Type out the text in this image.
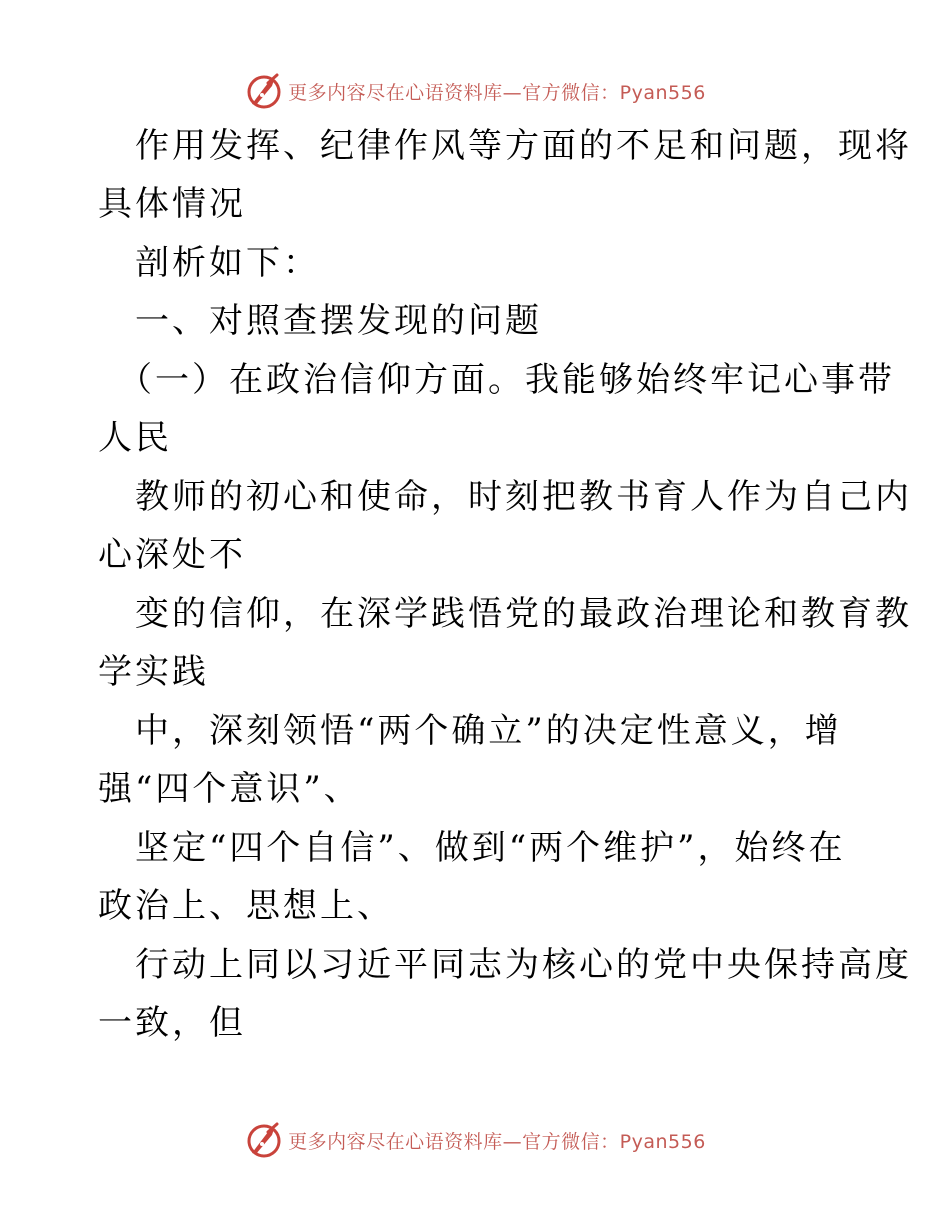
更多内容尽在心语资料库—官方微信：Pyan556
　作用发挥、纪律作风等方面的不足和问题，现将
具体情况
　剖析如下：
　一、对照查摆发现的问题
　（一）在政治信仰方面。我能够始终牢记心事带
人民
　教师的初心和使命，时刻把教书育人作为自己内
心深处不
　变的信仰，在深学践悟党的最政治理论和教育教
学实践
　中，深刻领悟“两个确立”的决定性意义，增
强“四个意识”、
　坚定“四个自信”、做到“两个维护”，始终在
政治上、思想上、
　行动上同以习近平同志为核心的党中央保持高度
一致，但
更多内容尽在心语资料库—官方微信：Pyan556
